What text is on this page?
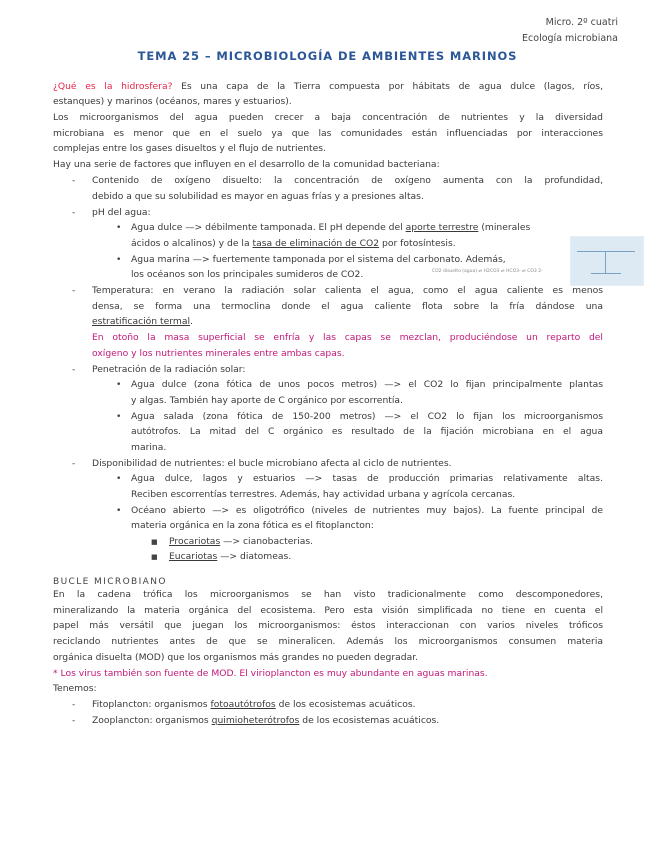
Micro. 2º cuatri
Ecología microbiana
TEMA 25 – MICROBIOLOGÍA DE AMBIENTES MARINOS
¿Qué es la hidrosfera? Es una capa de la Tierra compuesta por hábitats de agua dulce (lagos, ríos,
estanques) y marinos (océanos, mares y estuarios).
Los microorganismos del agua pueden crecer a baja concentración de nutrientes y la diversidad
microbiana es menor que en el suelo ya que las comunidades están influenciadas por interacciones
complejas entre los gases disueltos y el flujo de nutrientes.
Hay una serie de factores que influyen en el desarrollo de la comunidad bacteriana:
- Contenido de oxígeno disuelto: la concentración de oxígeno aumenta con la profundidad,
debido a que su solubilidad es mayor en aguas frías y a presiones altas.
- pH del agua:
• Agua dulce —> débilmente tamponada. El pH depende del aporte terrestre (minerales
ácidos o alcalinos) y de la tasa de eliminación de CO2 por fotosíntesis.
• Agua marina —> fuertemente tamponada por el sistema del carbonato. Además,
los océanos son los principales sumideros de CO2.	CO2 disuelto (agua) ⇌ H2CO3 ⇌ HCO3- ⇌ CO3 2-
- Temperatura: en verano la radiación solar calienta el agua, como el agua caliente es menos
densa, se forma una termoclina donde el agua caliente flota sobre la fría dándose una
estratificación termal.
En otoño la masa superficial se enfría y las capas se mezclan, produciéndose un reparto del
oxígeno y los nutrientes minerales entre ambas capas.
- Penetración de la radiación solar:
• Agua dulce (zona fótica de unos pocos metros) —> el CO2 lo fijan principalmente plantas
y algas. También hay aporte de C orgánico por escorrentía.
• Agua salada (zona fótica de 150-200 metros) —> el CO2 lo fijan los microorganismos
autótrofos. La mitad del C orgánico es resultado de la fijación microbiana en el agua
marina.
- Disponibilidad de nutrientes: el bucle microbiano afecta al ciclo de nutrientes.
• Agua dulce, lagos y estuarios —> tasas de producción primarias relativamente altas.
Reciben escorrentías terrestres. Además, hay actividad urbana y agrícola cercanas.
• Océano abierto —> es oligotrófico (niveles de nutrientes muy bajos). La fuente principal de
materia orgánica en la zona fótica es el fitoplancton:
■ Procariotas —> cianobacterias.
■ Eucariotas —> diatomeas.
BUCLE MICROBIANO
En la cadena trófica los microorganismos se han visto tradicionalmente como descomponedores,
mineralizando la materia orgánica del ecosistema. Pero esta visión simplificada no tiene en cuenta el
papel más versátil que juegan los microorganismos: éstos interaccionan con varios niveles tróficos
reciclando nutrientes antes de que se mineralicen. Además los microorganismos consumen materia
orgánica disuelta (MOD) que los organismos más grandes no pueden degradar.
* Los virus también son fuente de MOD. El virioplancton es muy abundante en aguas marinas.
Tenemos:
- Fitoplancton: organismos fotoautótrofos de los ecosistemas acuáticos.
- Zooplancton: organismos quimioheterótrofos de los ecosistemas acuáticos.
